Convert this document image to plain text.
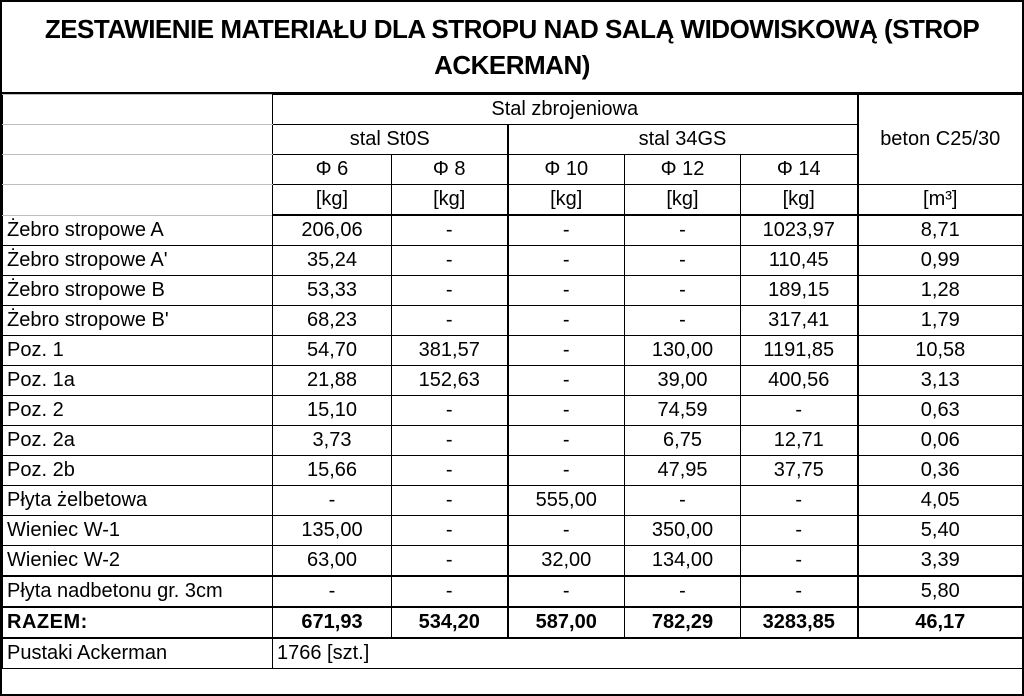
ZESTAWIENIE MATERIAŁU DLA STROPU NAD SALĄ WIDOWISKOWĄ (STROP ACKERMAN)
	Stal zbrojeniowa					beton C25/30
	stal St0S		stal 34GS			
	Φ 6	Φ 8	Φ 10	Φ 12	Φ 14	
	[kg]	[kg]	[kg]	[kg]	[kg]	[m³]
Żebro stropowe A	206,06	-	-	-	1023,97	8,71
Żebro stropowe A'	35,24	-	-	-	110,45	0,99
Żebro stropowe B	53,33	-	-	-	189,15	1,28
Żebro stropowe B'	68,23	-	-	-	317,41	1,79
Poz. 1	54,70	381,57	-	130,00	1191,85	10,58
Poz. 1a	21,88	152,63	-	39,00	400,56	3,13
Poz. 2	15,10	-	-	74,59	-	0,63
Poz. 2a	3,73	-	-	6,75	12,71	0,06
Poz. 2b	15,66	-	-	47,95	37,75	0,36
Płyta żelbetowa	-	-	555,00	-	-	4,05
Wieniec W-1	135,00	-	-	350,00	-	5,40
Wieniec W-2	63,00	-	32,00	134,00	-	3,39
Płyta nadbetonu gr. 3cm	-	-	-	-	-	5,80
RAZEM:	671,93	534,20	587,00	782,29	3283,85	46,17
Pustaki Ackerman	1766 [szt.]					
